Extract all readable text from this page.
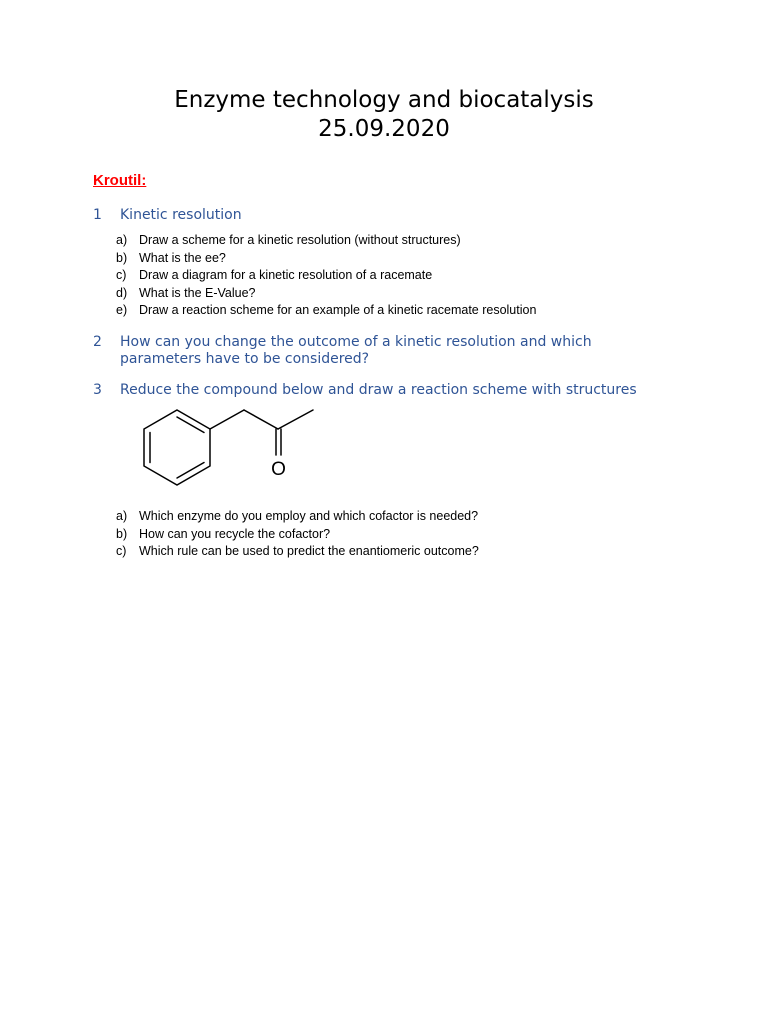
Enzyme technology and biocatalysis
25.09.2020
Kroutil:
1 Kinetic resolution
a) Draw a scheme for a kinetic resolution (without structures)
b) What is the ee?
c) Draw a diagram for a kinetic resolution of a racemate
d) What is the E-Value?
e) Draw a reaction scheme for an example of a kinetic racemate resolution
2 How can you change the outcome of a kinetic resolution and which parameters have to be considered?
3 Reduce the compound below and draw a reaction scheme with structures
O
a) Which enzyme do you employ and which cofactor is needed?
b) How can you recycle the cofactor?
c) Which rule can be used to predict the enantiomeric outcome?
